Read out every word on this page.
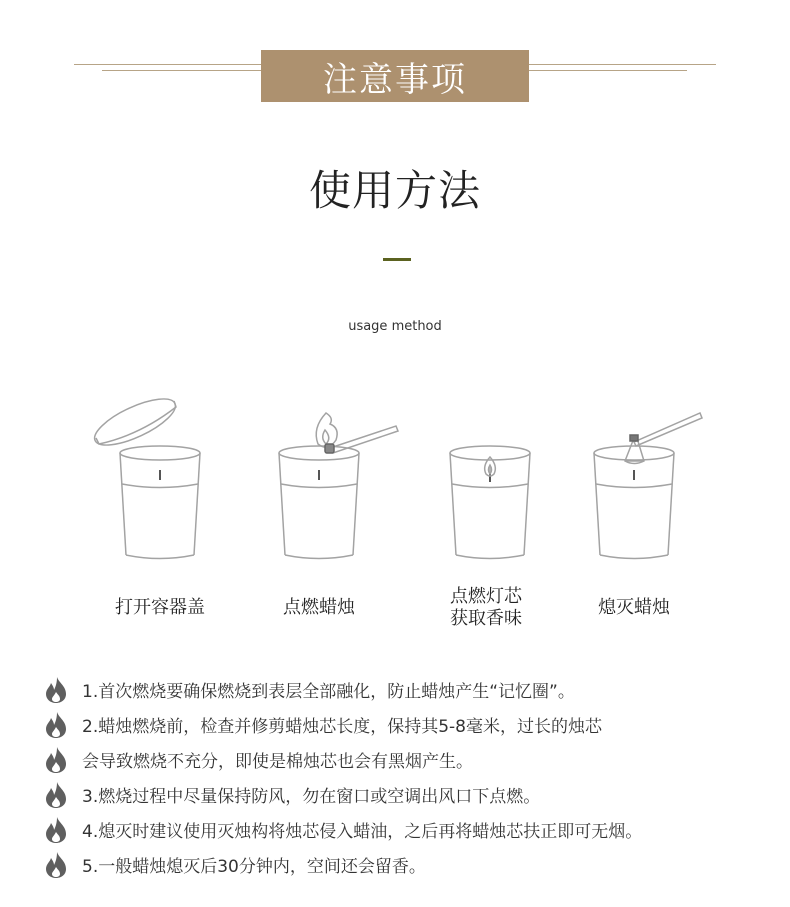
注意事项
使用方法
usage method
打开容器盖	点燃蜡烛
点燃灯芯
获取香味
熄灭蜡烛
1.首次燃烧要确保燃烧到表层全部融化，防止蜡烛产生“记忆圈”。
2.蜡烛燃烧前，检查并修剪蜡烛芯长度，保持其5-8毫米，过长的烛芯
会导致燃烧不充分，即使是棉烛芯也会有黑烟产生。
3.燃烧过程中尽量保持防风，勿在窗口或空调出风口下点燃。
4.熄灭时建议使用灭烛构将烛芯侵入蜡油，之后再将蜡烛芯扶正即可无烟。
5.一般蜡烛熄灭后30分钟内，空间还会留香。
